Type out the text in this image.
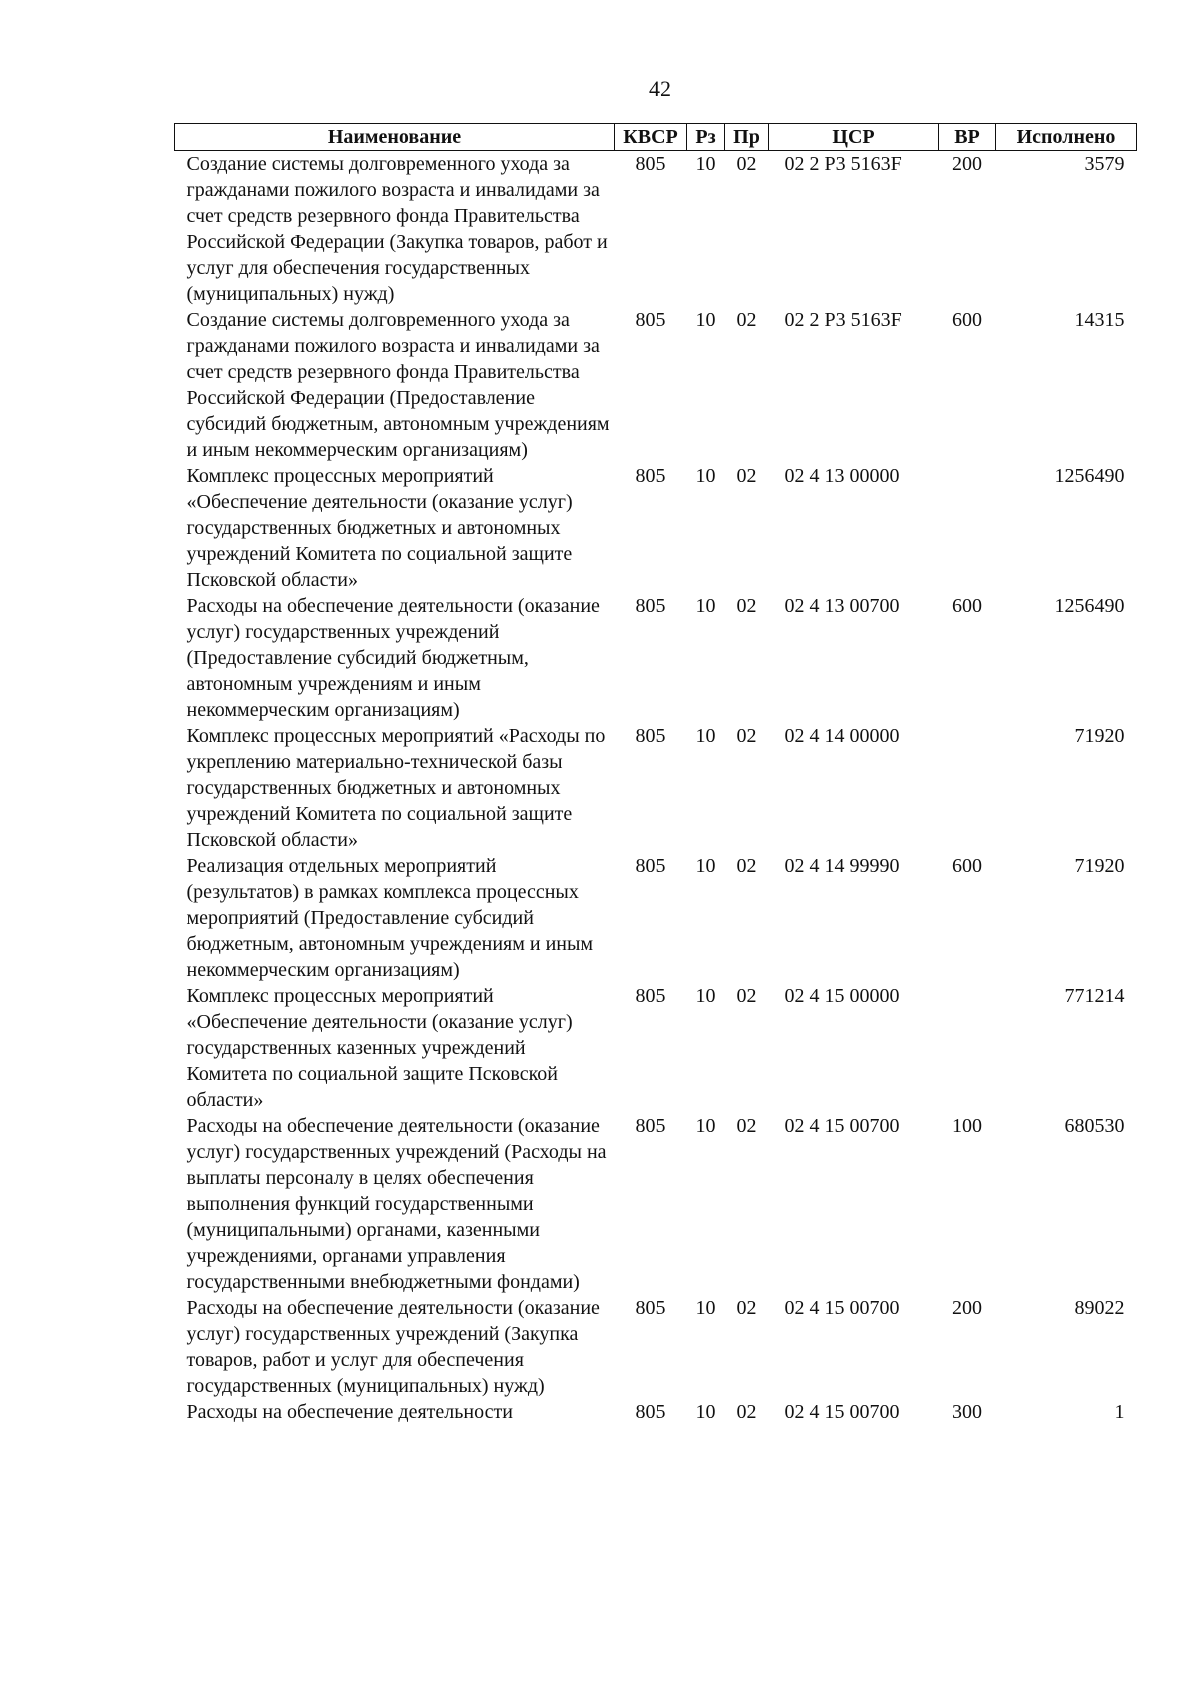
42
Наименование	КВСР	Рз	Пр	ЦСР	ВР	Исполнено
Создание системы долговременного ухода за гражданами пожилого возраста и инвалидами за счет средств резервного фонда Правительства Российской Федерации (Закупка товаров, работ и услуг для обеспечения государственных (муниципальных) нужд)	805	10	02	02 2 Р3 5163F	200	3579
Создание системы долговременного ухода за гражданами пожилого возраста и инвалидами за счет средств резервного фонда Правительства Российской Федерации (Предоставление субсидий бюджетным, автономным учреждениям и иным некоммерческим организациям)	805	10	02	02 2 Р3 5163F	600	14315
Комплекс процессных мероприятий «Обеспечение деятельности (оказание услуг) государственных бюджетных и автономных учреждений Комитета по социальной защите Псковской области»	805	10	02	02 4 13 00000		1256490
Расходы на обеспечение деятельности (оказание услуг) государственных учреждений (Предоставление субсидий бюджетным, автономным учреждениям и иным некоммерческим организациям)	805	10	02	02 4 13 00700	600	1256490
Комплекс процессных мероприятий «Расходы по укреплению материально-технической базы государственных бюджетных и автономных учреждений Комитета по социальной защите Псковской области»	805	10	02	02 4 14 00000		71920
Реализация отдельных мероприятий (результатов) в рамках комплекса процессных мероприятий (Предоставление субсидий бюджетным, автономным учреждениям и иным некоммерческим организациям)	805	10	02	02 4 14 99990	600	71920
Комплекс процессных мероприятий «Обеспечение деятельности (оказание услуг) государственных казенных учреждений Комитета по социальной защите Псковской области»	805	10	02	02 4 15 00000		771214
Расходы на обеспечение деятельности (оказание услуг) государственных учреждений (Расходы на выплаты персоналу в целях обеспечения выполнения функций государственными (муниципальными) органами, казенными учреждениями, органами управления государственными внебюджетными фондами)	805	10	02	02 4 15 00700	100	680530
Расходы на обеспечение деятельности (оказание услуг) государственных учреждений (Закупка товаров, работ и услуг для обеспечения государственных (муниципальных) нужд)	805	10	02	02 4 15 00700	200	89022
Расходы на обеспечение деятельности	805	10	02	02 4 15 00700	300	1
